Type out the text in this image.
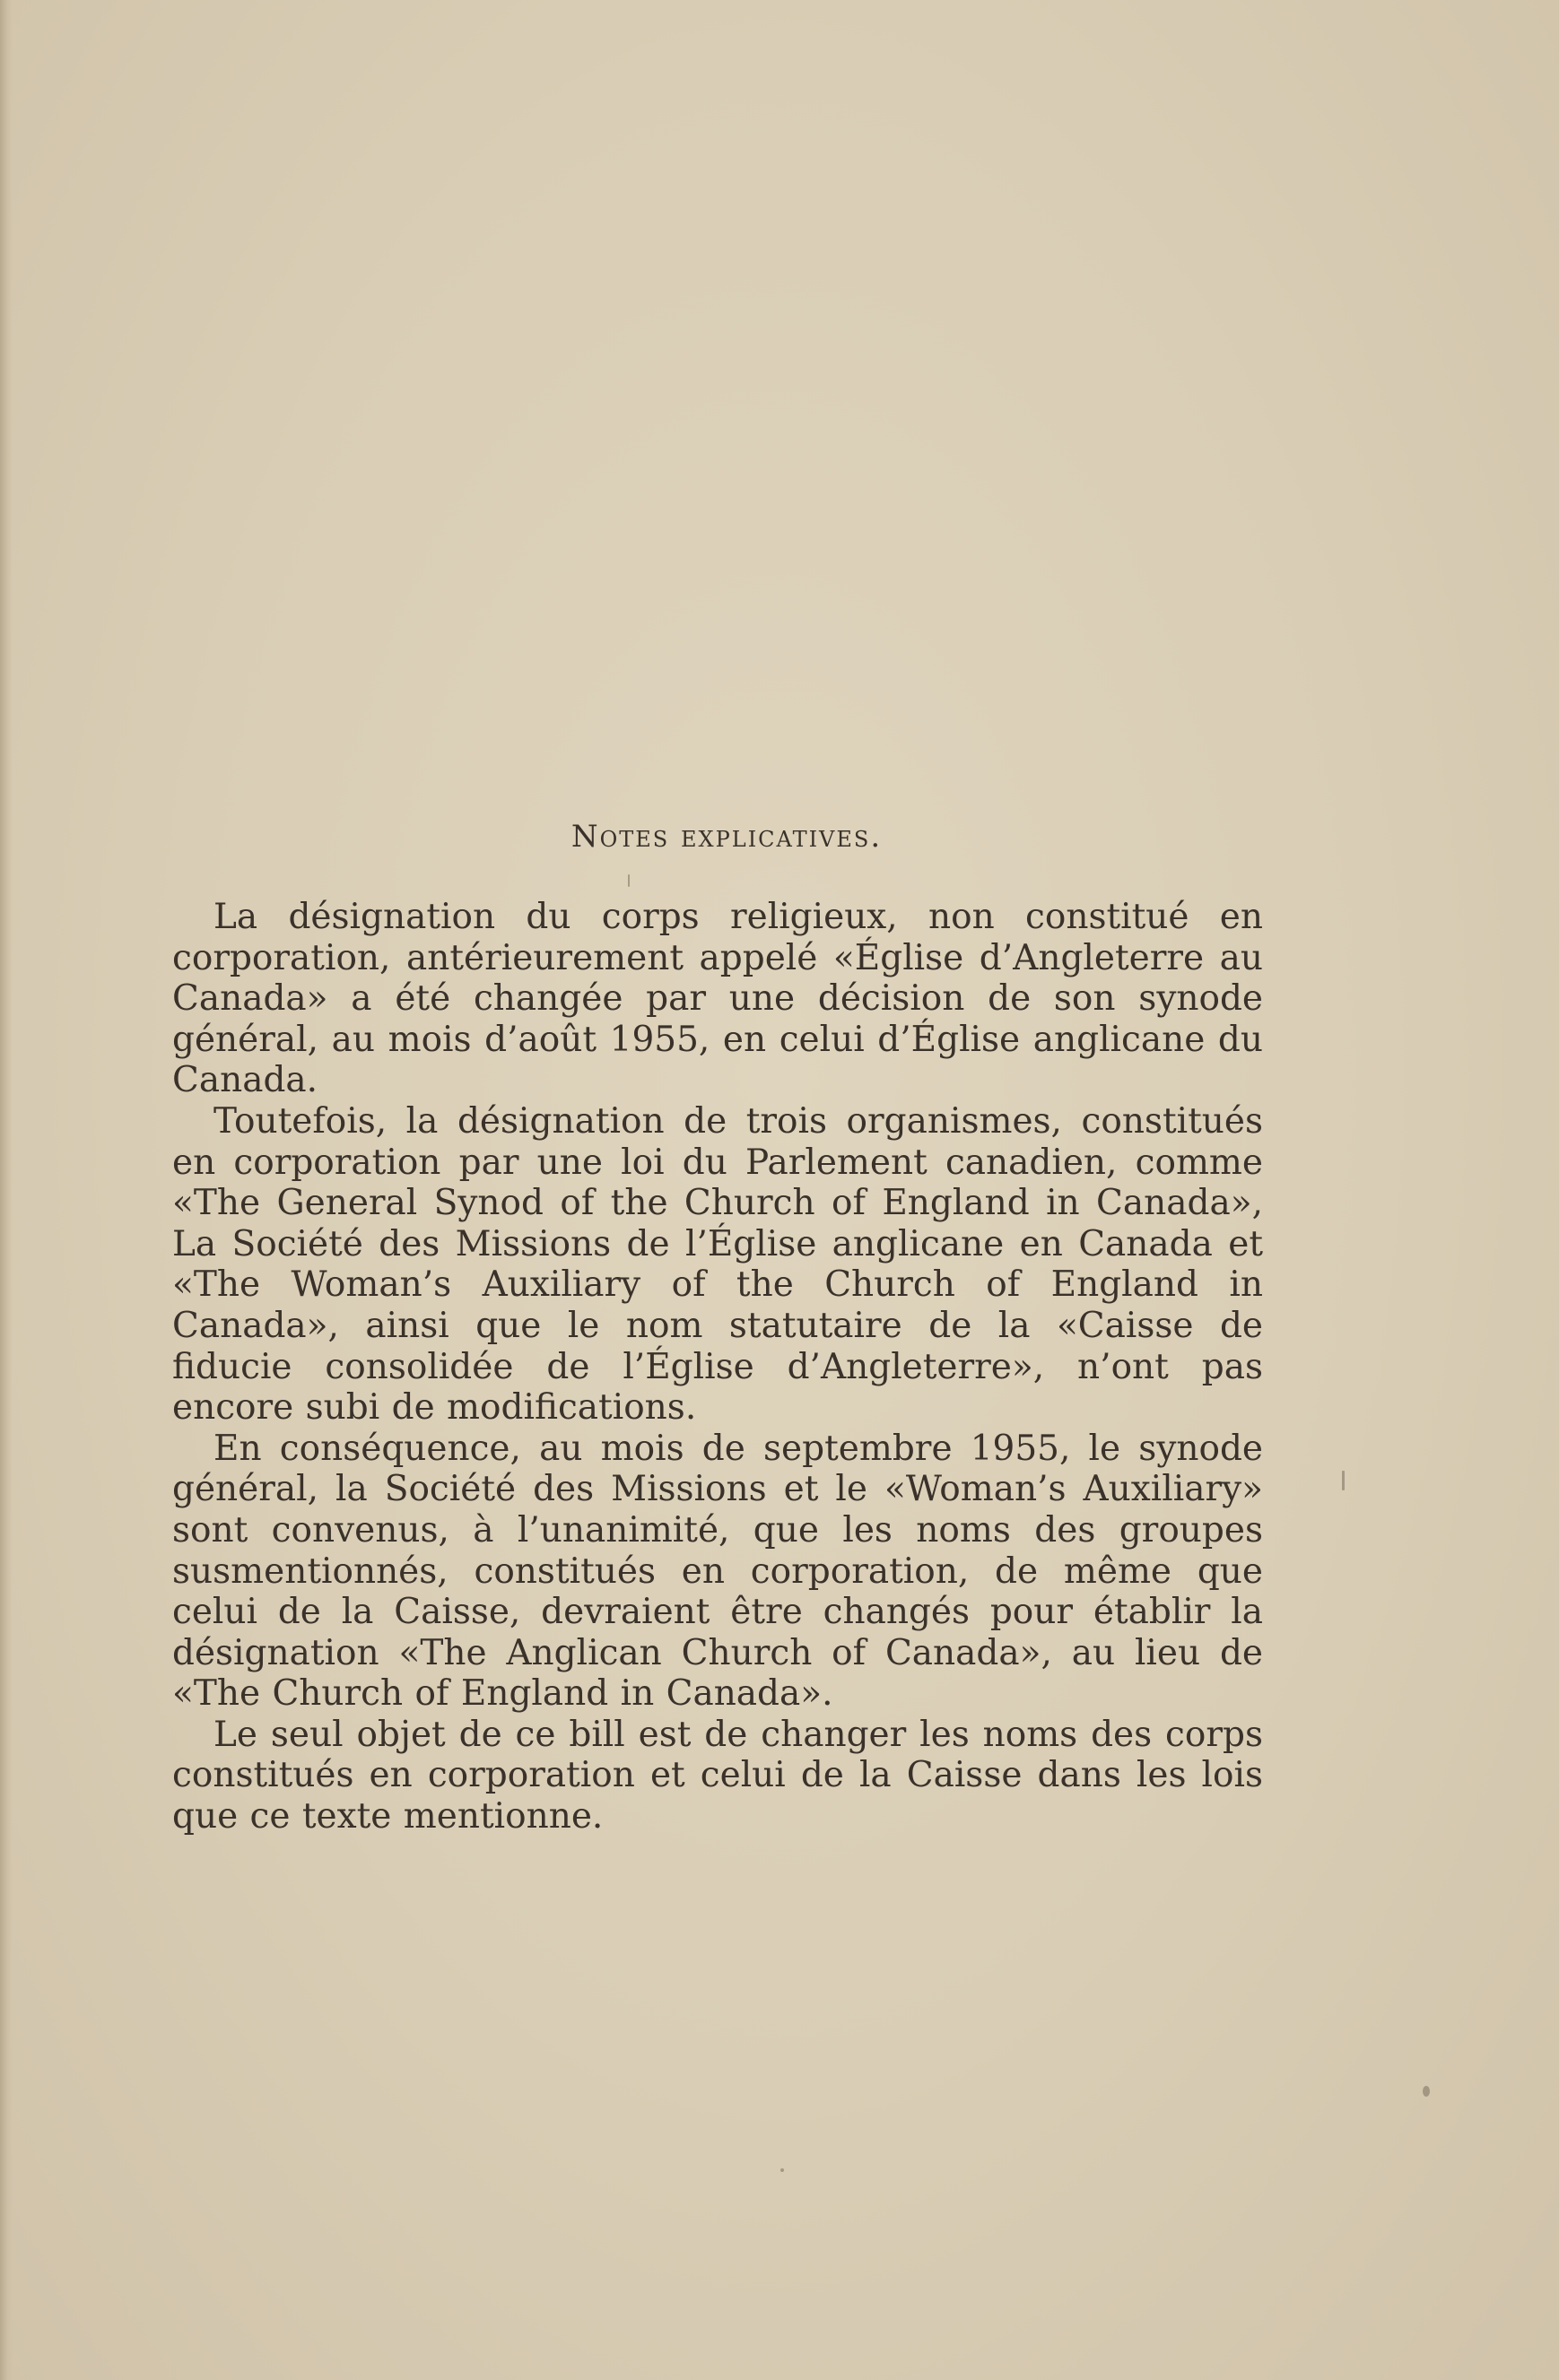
Notes explicatives.

La désignation du corps religieux, non constitué en corporation, antérieurement appelé «Église d’Angleterre au Canada» a été changée par une décision de son synode général, au mois d’août 1955, en celui d’Église anglicane du Canada.

Toutefois, la désignation de trois organismes, constitués en corporation par une loi du Parlement canadien, comme «The General Synod of the Church of England in Canada», La Société des Missions de l’Église anglicane en Canada et «The Woman’s Auxiliary of the Church of England in Canada», ainsi que le nom statutaire de la «Caisse de fiducie consolidée de l’Église d’Angleterre», n’ont pas encore subi de modifications.

En conséquence, au mois de septembre 1955, le synode général, la Société des Missions et le «Woman’s Auxiliary» sont convenus, à l’unanimité, que les noms des groupes susmentionnés, constitués en corporation, de même que celui de la Caisse, devraient être changés pour établir la désignation «The Anglican Church of Canada», au lieu de «The Church of England in Canada».

Le seul objet de ce bill est de changer les noms des corps constitués en corporation et celui de la Caisse dans les lois que ce texte mentionne.
